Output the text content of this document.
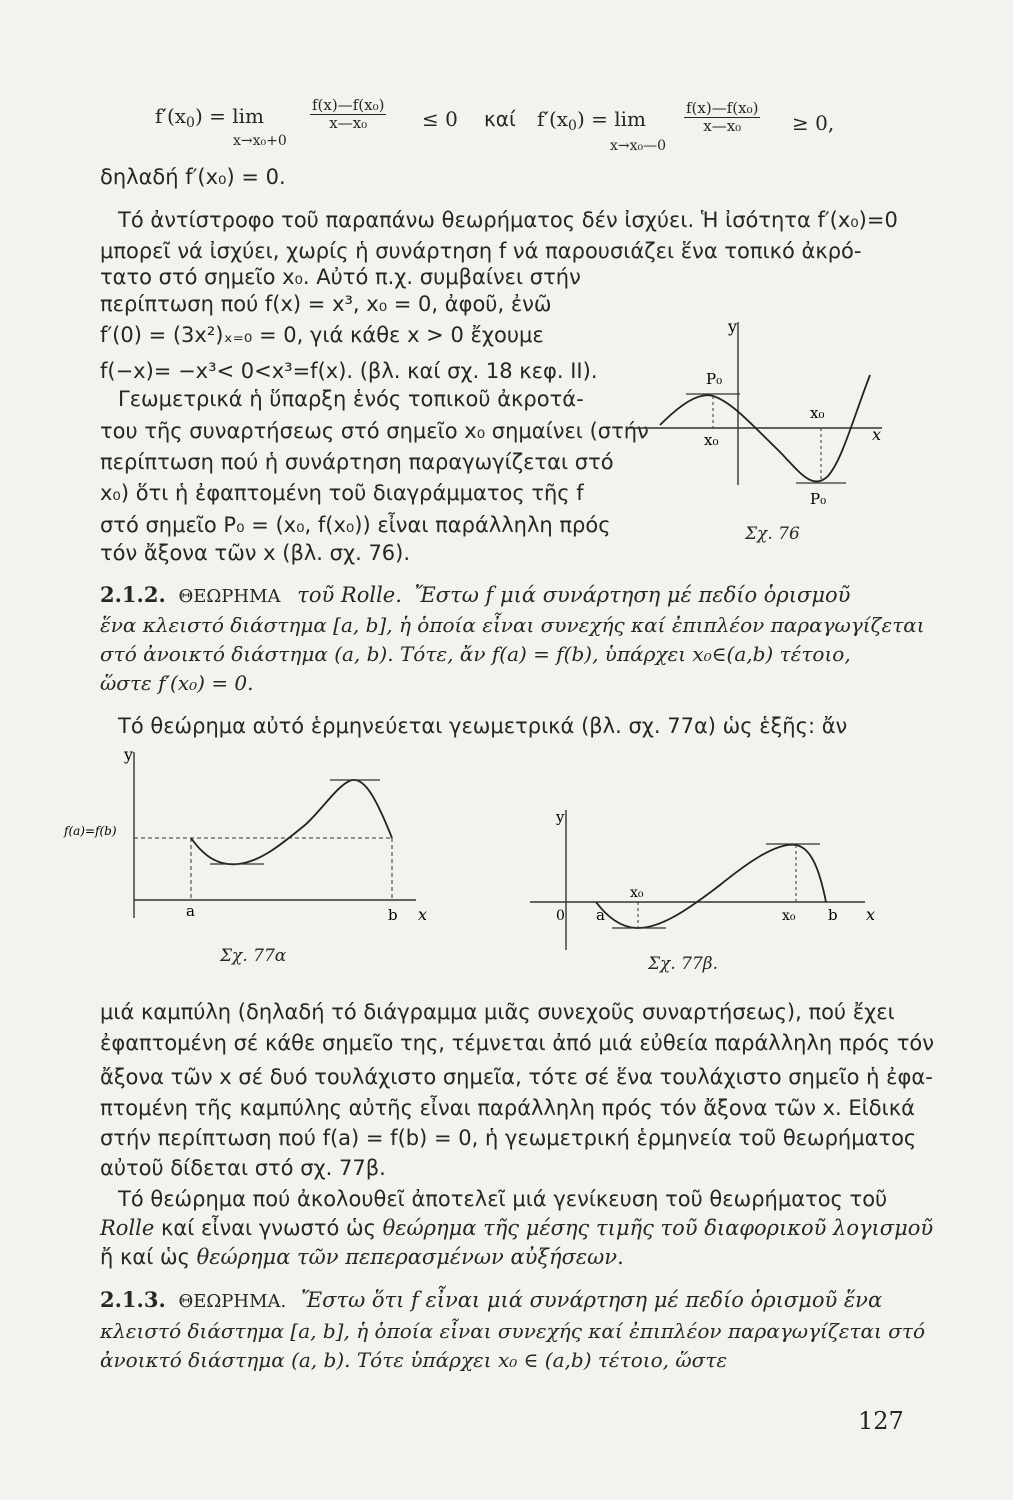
$f'(x_0) = \lim$
x→x₀+0
$\frac{\text{f(x)—f(x₀)}}{\text{x—x₀}} \le 0$ καί $f'(x_0) = \lim$
x→x₀—0
$\frac{\text{f(x)—f(x₀)}}{\text{x—x₀}} \ge 0$,
δηλαδή f′(x₀) = 0.
Τό ἀντίστροφο τοῦ παραπάνω θεωρήματος δέν ἰσχύει. Ἡ ἰσότητα f′(x₀)=0
μπορεῖ νά ἰσχύει, χωρίς ἡ συνάρτηση f νά παρουσιάζει ἕνα τοπικό ἀκρό-
τατο στό σημεῖο x₀. Αὐτό π.χ. συμβαίνει στήν
περίπτωση πού f(x) = x³, x₀ = 0, ἀφοῦ, ἐνῶ
f′(0) = (3x²)ₓ₌₀ = 0, γιά κάθε x > 0 ἔχουμε
f(−x)= −x³< 0<x³=f(x). (βλ. καί σχ. 18 κεφ. II).
Γεωμετρικά ἡ ὕπαρξη ἑνός τοπικοῦ ἀκροτά-
του τῆς συναρτήσεως στό σημεῖο x₀ σημαίνει (στήν
περίπτωση πού ἡ συνάρτηση παραγωγίζεται στό
x₀) ὅτι ἡ ἐφαπτομένη τοῦ διαγράμματος τῆς f
στό σημεῖο P₀ = (x₀, f(x₀)) εἶναι παράλληλη πρός
τόν ἄξονα τῶν x (βλ. σχ. 76).
y
x
P₀
x₀
x₀
P₀
Σχ. 76
2.1.2. ΘΕΩΡΗΜΑ τοῦ Rolle. Ἔστω f μιά συνάρτηση μέ πεδίο ὁρισμοῦ
ἕνα κλειστό διάστημα [a, b], ἡ ὁποία εἶναι συνεχής καί ἐπιπλέον παραγωγίζεται
στό ἀνοικτό διάστημα (a, b). Τότε, ἄν f(a) = f(b), ὑπάρχει x₀∈(a,b) τέτοιο,
ὥστε f′(x₀) = 0.
Τό θεώρημα αὐτό ἑρμηνεύεται γεωμετρικά (βλ. σχ. 77α) ὡς ἑξῆς: ἄν
y
f(a)=f(b)
a	b x
Σχ. 77α
y
0 a
x₀
x₀ b x
Σχ. 77β.
μιά καμπύλη (δηλαδή τό διάγραμμα μιᾶς συνεχοῦς συναρτήσεως), πού ἔχει
ἐφαπτομένη σέ κάθε σημεῖο της, τέμνεται ἀπό μιά εὐθεία παράλληλη πρός τόν
ἄξονα τῶν x σέ δυό τουλάχιστο σημεῖα, τότε σέ ἕνα τουλάχιστο σημεῖο ἡ ἐφα-
πτομένη τῆς καμπύλης αὐτῆς εἶναι παράλληλη πρός τόν ἄξονα τῶν x. Εἰδικά
στήν περίπτωση πού f(a) = f(b) = 0, ἡ γεωμετρική ἑρμηνεία τοῦ θεωρήματος
αὐτοῦ δίδεται στό σχ. 77β.
Τό θεώρημα πού ἀκολουθεῖ ἀποτελεῖ μιά γενίκευση τοῦ θεωρήματος τοῦ
Rolle καί εἶναι γνωστό ὡς θεώρημα τῆς μέσης τιμῆς τοῦ διαφορικοῦ λογισμοῦ
ἤ καί ὡς θεώρημα τῶν πεπερασμένων αὐξήσεων.
2.1.3. ΘΕΩΡΗΜΑ. Ἔστω ὅτι f εἶναι μιά συνάρτηση μέ πεδίο ὁρισμοῦ ἕνα
κλειστό διάστημα [a, b], ἡ ὁποία εἶναι συνεχής καί ἐπιπλέον παραγωγίζεται στό
ἀνοικτό διάστημα (a, b). Τότε ὑπάρχει x₀ ∈ (a,b) τέτοιο, ὥστε
127
